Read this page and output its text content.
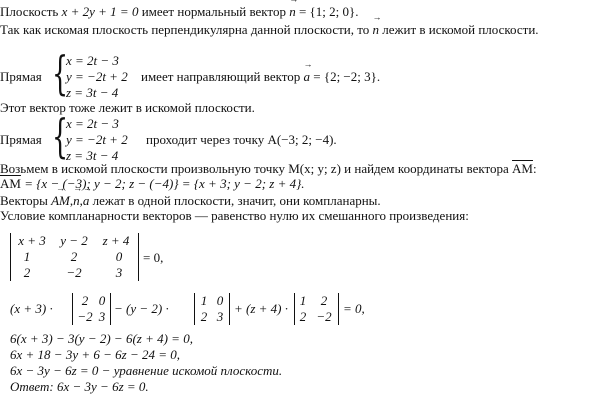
Плоскость x + 2y + 1 = 0 имеет нормальный вектор → n = {1; 2; 0}.
Так как искомая плоскость перпендикулярна данной плоскости, то → n лежит в искомой плоскости.
Прямая {
x = 2t − 3
y = −2t + 2
z = 3t − 4
имеет направляющий вектор → a = {2; −2; 3}.
Этот вектор тоже лежит в искомой плоскости.
Прямая {
x = 2t − 3
y = −2t + 2
z = 3t − 4
проходит через точку A(−3; 2; −4).
Возьмем в искомой плоскости произвольную точку M(x; y; z) и найдем координаты вектора $\overline{AM}$:
$\overline{AM} = \{x - (-3)$; y − 2; z − (−4)} = {x + 3; y − 2; z + 4}.
Векторы → AM,→ n,→ a лежат в одной плоскости, значит, они компланарны.
Условие компланарности векторов — равенство нулю их смешанного произведения:
x + 3	y − 2	z + 4
1	2	0
2	−2	3
= 0,
(x + 3) ·
2 0
−2 3
− (y − 2) ·
1 0
2 3
+ (z + 4) ·
1	2
2 −2
= 0,
6(x + 3) − 3(y − 2) − 6(z + 4) = 0,
6x + 18 − 3y + 6 − 6z − 24 = 0,
6x − 3y − 6z = 0 − уравнение искомой плоскости.
Ответ: 6x − 3y − 6z = 0.
